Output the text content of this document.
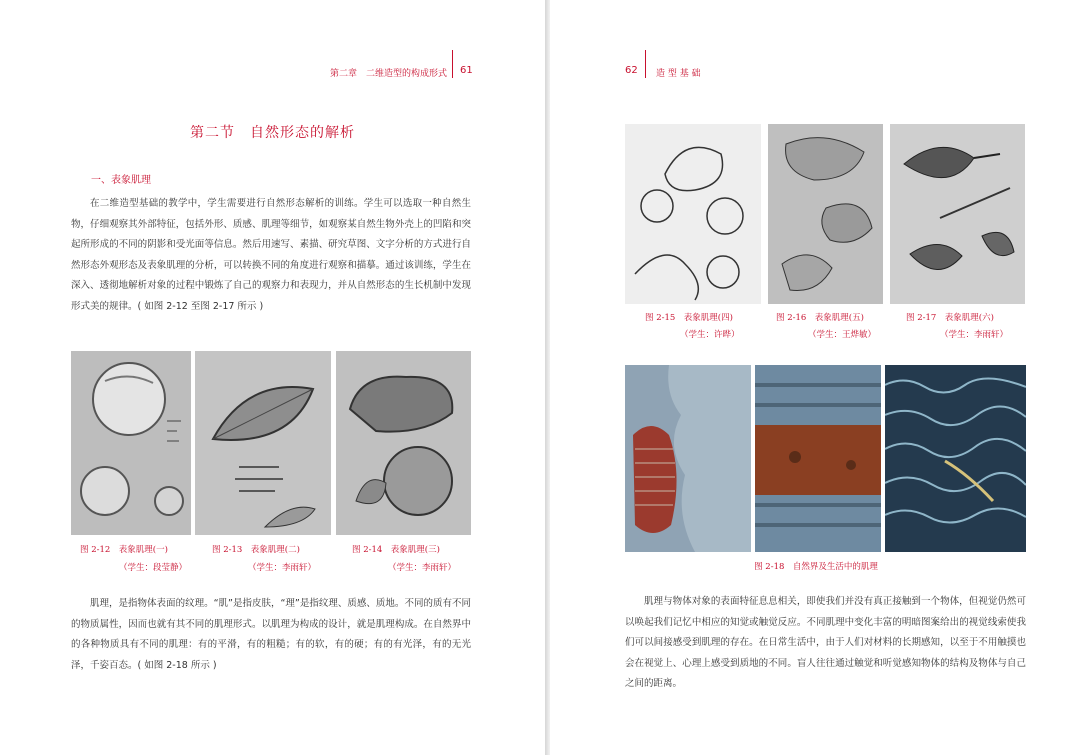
第二章　二维造型的构成形式 61
第二节　自然形态的解析
一、表象肌理

在二维造型基础的教学中，学生需要进行自然形态解析的训练。学生可以选取一种自然生物，仔细观察其外部特征，包括外形、质感、肌理等细节，如观察某自然生物外壳上的凹陷和突起所形成的不同的阴影和受光面等信息。然后用速写、素描、研究草图、文字分析的方式进行自然形态外观形态及表象肌理的分析，可以转换不同的角度进行观察和描摹。通过该训练，学生在深入、透彻地解析对象的过程中锻炼了自己的观察力和表现力，并从自然形态的生长机制中发现形式美的规律。( 如图 2-12 至图 2-17 所示 )

图 2-12　表象肌理(一)
（学生：段莹静）
图 2-13　表象肌理(二)
（学生：李雨轩）
图 2-14　表象肌理(三)
（学生：李雨轩）

肌理，是指物体表面的纹理。“肌”是指皮肤，“理”是指纹理、质感、质地。不同的质有不同的物质属性，因而也就有其不同的肌理形式。以肌理为构成的设计，就是肌理构成。在自然界中的各种物质具有不同的肌理：有的平滑，有的粗糙；有的软，有的硬；有的有光泽，有的无光泽，千姿百态。( 如图 2-18 所示 )

62 造 型 基 础
图 2-15　表象肌理(四)
（学生：许晔）
图 2-16　表象肌理(五)
（学生：王烨敏）
图 2-17　表象肌理(六)
（学生：李雨轩）
图 2-18　自然界及生活中的肌理

肌理与物体对象的表面特征息息相关，即使我们并没有真正接触到一个物体，但视觉仍然可以唤起我们记忆中相应的知觉或触觉反应。不同肌理中变化丰富的明暗图案给出的视觉线索使我们可以间接感受到肌理的存在。在日常生活中，由于人们对材料的长期感知，以至于不用触摸也会在视觉上、心理上感受到质地的不同。盲人往往通过触觉和听觉感知物体的结构及物体与自己之间的距离。
